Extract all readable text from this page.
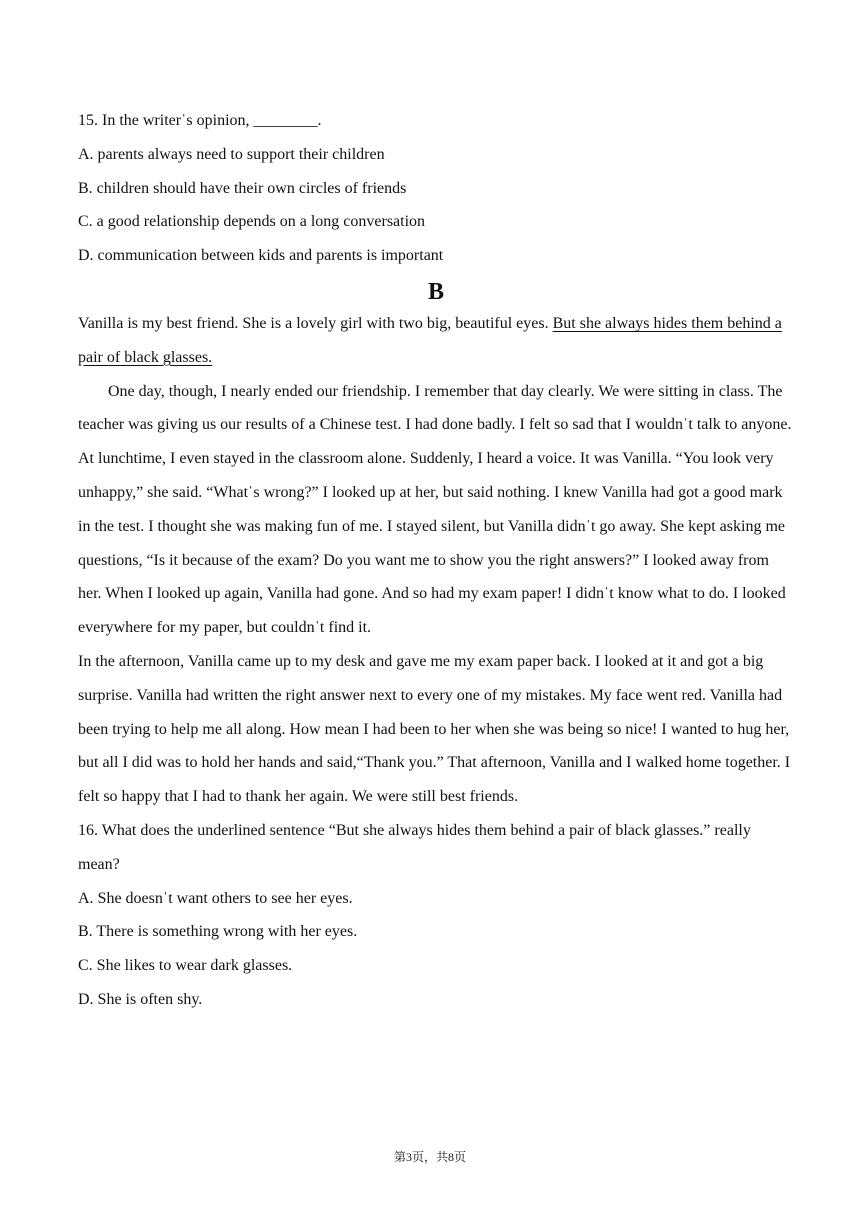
15. In the writerˈs opinion, ________.
A. parents always need to support their children
B. children should have their own circles of friends
C. a good relationship depends on a long conversation
D. communication between kids and parents is important
B

Vanilla is my best friend. She is a lovely girl with two big, beautiful eyes. But she always hides them behind a pair of black glasses.

One day, though, I nearly ended our friendship. I remember that day clearly. We were sitting in class. The teacher was giving us our results of a Chinese test. I had done badly. I felt so sad that I wouldnˈt talk to anyone. At lunchtime, I even stayed in the classroom alone. Suddenly, I heard a voice. It was Vanilla. “You look very unhappy,” she said. “Whatˈs wrong?” I looked up at her, but said nothing. I knew Vanilla had got a good mark in the test. I thought she was making fun of me. I stayed silent, but Vanilla didnˈt go away. She kept asking me questions, “Is it because of the exam? Do you want me to show you the right answers?” I looked away from her. When I looked up again, Vanilla had gone. And so had my exam paper! I didnˈt know what to do. I looked everywhere for my paper, but couldnˈt find it.

In the afternoon, Vanilla came up to my desk and gave me my exam paper back. I looked at it and got a big surprise. Vanilla had written the right answer next to every one of my mistakes. My face went red. Vanilla had been trying to help me all along. How mean I had been to her when she was being so nice! I wanted to hug her, but all I did was to hold her hands and said,“Thank you.” That afternoon, Vanilla and I walked home together. I felt so happy that I had to thank her again. We were still best friends.

16. What does the underlined sentence “But she always hides them behind a pair of black glasses.” really mean?
A. She doesnˈt want others to see her eyes.
B. There is something wrong with her eyes.
C. She likes to wear dark glasses.
D. She is often shy.
第3页，共8页
